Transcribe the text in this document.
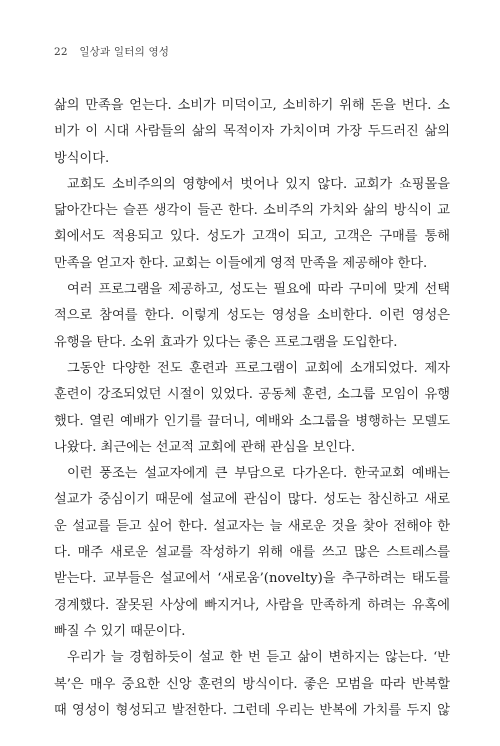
22 일상과 일터의 영성
삶의 만족을 얻는다. 소비가 미덕이고, 소비하기 위해 돈을 번다. 소
비가 이 시대 사람들의 삶의 목적이자 가치이며 가장 두드러진 삶의
방식이다.
교회도 소비주의의 영향에서 벗어나 있지 않다. 교회가 쇼핑몰을
닮아간다는 슬픈 생각이 들곤 한다. 소비주의 가치와 삶의 방식이 교
회에서도 적용되고 있다. 성도가 고객이 되고, 고객은 구매를 통해
만족을 얻고자 한다. 교회는 이들에게 영적 만족을 제공해야 한다.
여러 프로그램을 제공하고, 성도는 필요에 따라 구미에 맞게 선택
적으로 참여를 한다. 이렇게 성도는 영성을 소비한다. 이런 영성은
유행을 탄다. 소위 효과가 있다는 좋은 프로그램을 도입한다.
그동안 다양한 전도 훈련과 프로그램이 교회에 소개되었다. 제자
훈련이 강조되었던 시절이 있었다. 공동체 훈련, 소그룹 모임이 유행
했다. 열린 예배가 인기를 끌더니, 예배와 소그룹을 병행하는 모델도
나왔다. 최근에는 선교적 교회에 관해 관심을 보인다.
이런 풍조는 설교자에게 큰 부담으로 다가온다. 한국교회 예배는
설교가 중심이기 때문에 설교에 관심이 많다. 성도는 참신하고 새로
운 설교를 듣고 싶어 한다. 설교자는 늘 새로운 것을 찾아 전해야 한
다. 매주 새로운 설교를 작성하기 위해 애를 쓰고 많은 스트레스를
받는다. 교부들은 설교에서 ‘새로움’(novelty)을 추구하려는 태도를
경계했다. 잘못된 사상에 빠지거나, 사람을 만족하게 하려는 유혹에
빠질 수 있기 때문이다.
우리가 늘 경험하듯이 설교 한 번 듣고 삶이 변하지는 않는다. ‘반
복’은 매우 중요한 신앙 훈련의 방식이다. 좋은 모범을 따라 반복할
때 영성이 형성되고 발전한다. 그런데 우리는 반복에 가치를 두지 않
